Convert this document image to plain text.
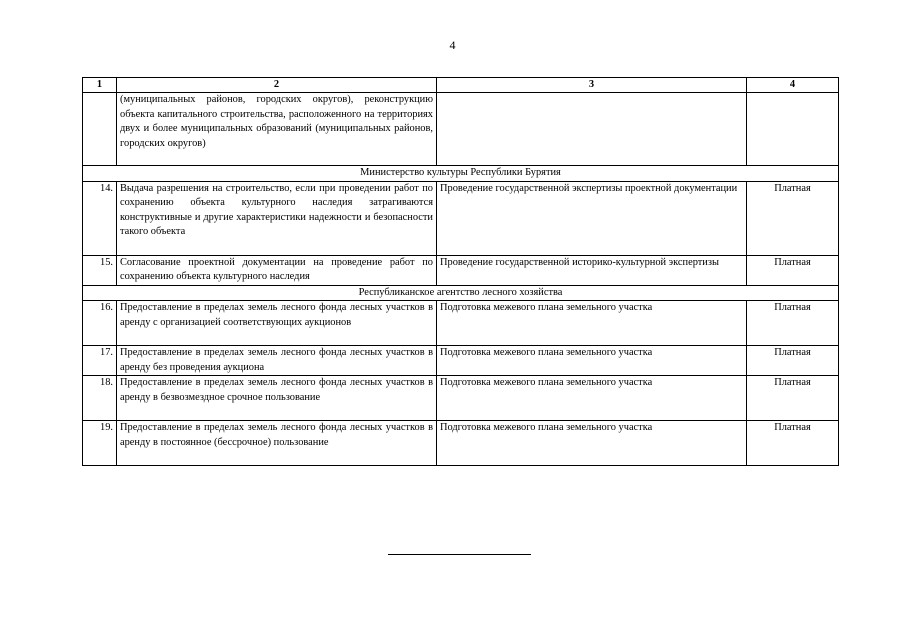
4
1	2	3	4
	(муниципальных районов, городских округов), реконструкцию объекта капитального строительства, расположенного на территориях двух и более муниципальных образований (муниципальных районов, городских округов)		
Министерство культуры Республики Бурятия			
14.	Выдача разрешения на строительство, если при проведении работ по сохранению объекта культурного наследия затрагиваются конструктивные и другие характеристики надежности и безопасности такого объекта	Проведение государственной экспертизы проектной документации	Платная
15.	Согласование проектной документации на проведение работ по сохранению объекта культурного наследия	Проведение государственной историко-культурной экспертизы	Платная
Республиканское агентство лесного хозяйства			
16.	Предоставление в пределах земель лесного фонда лесных участков в аренду с организацией соответствующих аукционов	Подготовка межевого плана земельного участка	Платная
17.	Предоставление в пределах земель лесного фонда лесных участков в аренду без проведения аукциона	Подготовка межевого плана земельного участка	Платная
18.	Предоставление в пределах земель лесного фонда лесных участков в аренду в безвозмездное срочное пользование	Подготовка межевого плана земельного участка	Платная
19.	Предоставление в пределах земель лесного фонда лесных участков в аренду в постоянное (бессрочное) пользование	Подготовка межевого плана земельного участка	Платная
